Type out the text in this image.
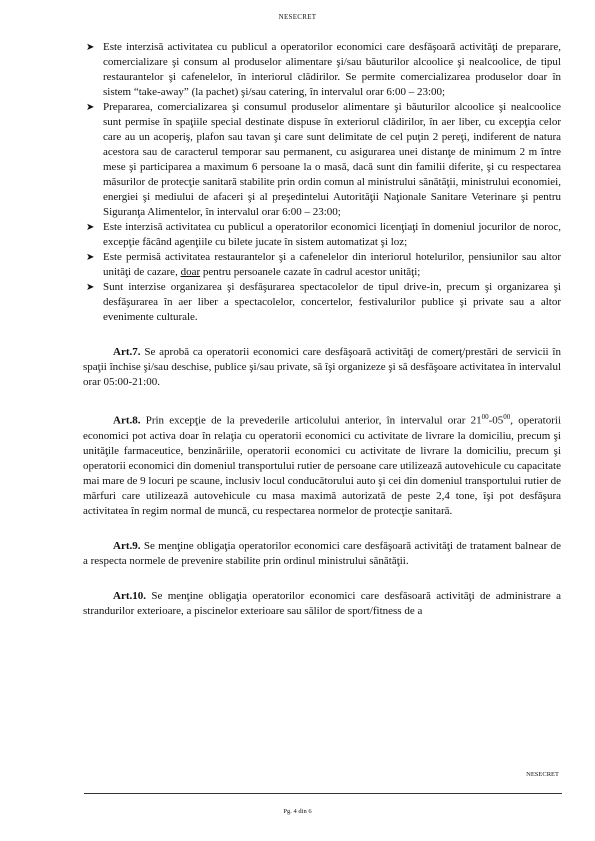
NESECRET
➤ Este interzisă activitatea cu publicul a operatorilor economici care desfăşoară activităţi de preparare, comercializare şi consum al produselor alimentare şi/sau băuturilor alcoolice şi nealcoolice, de tipul restaurantelor şi cafenelelor, în interiorul clădirilor. Se permite comercializarea produselor doar în sistem “take-away” (la pachet) şi/sau catering, în intervalul orar 6:00 – 23:00;
➤ Prepararea, comercializarea şi consumul produselor alimentare şi băuturilor alcoolice şi nealcoolice sunt permise în spaţiile special destinate dispuse în exteriorul clădirilor, în aer liber, cu excepţia celor care au un acoperiş, plafon sau tavan şi care sunt delimitate de cel puţin 2 pereţi, indiferent de natura acestora sau de caracterul temporar sau permanent, cu asigurarea unei distanţe de minimum 2 m între mese şi participarea a maximum 6 persoane la o masă, dacă sunt din familii diferite, şi cu respectarea măsurilor de protecţie sanitară stabilite prin ordin comun al ministrului sănătăţii, ministrului economiei, energiei şi mediului de afaceri şi al preşedintelui Autorităţii Naţionale Sanitare Veterinare şi pentru Siguranţa Alimentelor, în intervalul orar 6:00 – 23:00;
➤ Este interzisă activitatea cu publicul a operatorilor economici licenţiaţi în domeniul jocurilor de noroc, excepţie făcând agenţiile cu bilete jucate în sistem automatizat şi loz;
➤ Este permisă activitatea restaurantelor şi a cafenelelor din interiorul hotelurilor, pensiunilor sau altor unităţi de cazare, doar pentru persoanele cazate în cadrul acestor unităţi;
➤ Sunt interzise organizarea şi desfăşurarea spectacolelor de tipul drive-in, precum şi organizarea şi desfăşurarea în aer liber a spectacolelor, concertelor, festivalurilor publice şi private sau a altor evenimente culturale.
Art.7. Se aprobă ca operatorii economici care desfăşoară activităţi de comerţ/prestări de servicii în spaţii închise şi/sau deschise, publice şi/sau private, să îşi organizeze şi să desfăşoare activitatea în intervalul orar 05:00-21:00.
Art.8. Prin excepţie de la prevederile articolului anterior, în intervalul orar $21^{00}-05^{00}$, operatorii economici pot activa doar în relaţia cu operatorii economici cu activitate de livrare la domiciliu, precum şi unităţile farmaceutice, benzinăriile, operatorii economici cu activitate de livrare la domiciliu, precum şi operatorii economici din domeniul transportului rutier de persoane care utilizează autovehicule cu capacitate mai mare de 9 locuri pe scaune, inclusiv locul conducătorului auto şi cei din domeniul transportului rutier de mărfuri care utilizează autovehicule cu masa maximă autorizată de peste 2,4 tone, îşi pot desfăşura activitatea în regim normal de muncă, cu respectarea normelor de protecţie sanitară.
Art.9. Se menţine obligaţia operatorilor economici care desfăşoară activităţi de tratament balnear de a respecta normele de prevenire stabilite prin ordinul ministrului sănătăţii.
Art.10. Se menţine obligaţia operatorilor economici care desfăsoară activităţi de administrare a strandurilor exterioare, a piscinelor exterioare sau sălilor de sport/fitness de a
NESECRET
Pg. 4 din 6
